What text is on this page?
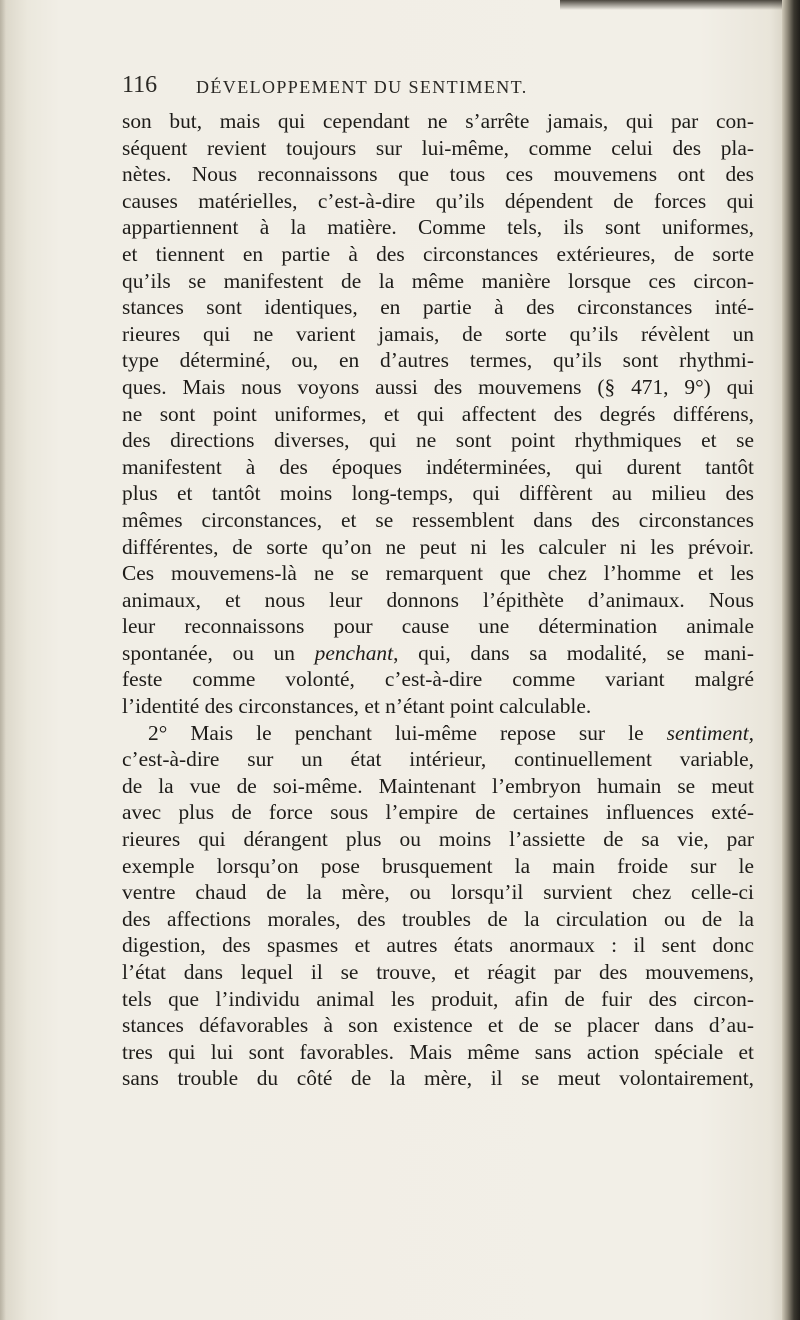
116 DÉVELOPPEMENT DU SENTIMENT.
son but, mais qui cependant ne s’arrête jamais, qui par con-
séquent revient toujours sur lui-même, comme celui des pla-
nètes. Nous reconnaissons que tous ces mouvemens ont des
causes matérielles, c’est-à-dire qu’ils dépendent de forces qui
appartiennent à la matière. Comme tels, ils sont uniformes,
et tiennent en partie à des circonstances extérieures, de sorte
qu’ils se manifestent de la même manière lorsque ces circon-
stances sont identiques, en partie à des circonstances inté-
rieures qui ne varient jamais, de sorte qu’ils révèlent un
type déterminé, ou, en d’autres termes, qu’ils sont rhythmi-
ques. Mais nous voyons aussi des mouvemens (§ 471, 9°) qui
ne sont point uniformes, et qui affectent des degrés différens,
des directions diverses, qui ne sont point rhythmiques et se
manifestent à des époques indéterminées, qui durent tantôt
plus et tantôt moins long-temps, qui diffèrent au milieu des
mêmes circonstances, et se ressemblent dans des circonstances
différentes, de sorte qu’on ne peut ni les calculer ni les prévoir.
Ces mouvemens-là ne se remarquent que chez l’homme et les
animaux, et nous leur donnons l’épithète d’animaux. Nous
leur reconnaissons pour cause une détermination animale
spontanée, ou un penchant, qui, dans sa modalité, se mani-
feste comme volonté, c’est-à-dire comme variant malgré
l’identité des circonstances, et n’étant point calculable.
2° Mais le penchant lui-même repose sur le sentiment,
c’est-à-dire sur un état intérieur, continuellement variable,
de la vue de soi-même. Maintenant l’embryon humain se meut
avec plus de force sous l’empire de certaines influences exté-
rieures qui dérangent plus ou moins l’assiette de sa vie, par
exemple lorsqu’on pose brusquement la main froide sur le
ventre chaud de la mère, ou lorsqu’il survient chez celle-ci
des affections morales, des troubles de la circulation ou de la
digestion, des spasmes et autres états anormaux : il sent donc
l’état dans lequel il se trouve, et réagit par des mouvemens,
tels que l’individu animal les produit, afin de fuir des circon-
stances défavorables à son existence et de se placer dans d’au-
tres qui lui sont favorables. Mais même sans action spéciale et
sans trouble du côté de la mère, il se meut volontairement,
